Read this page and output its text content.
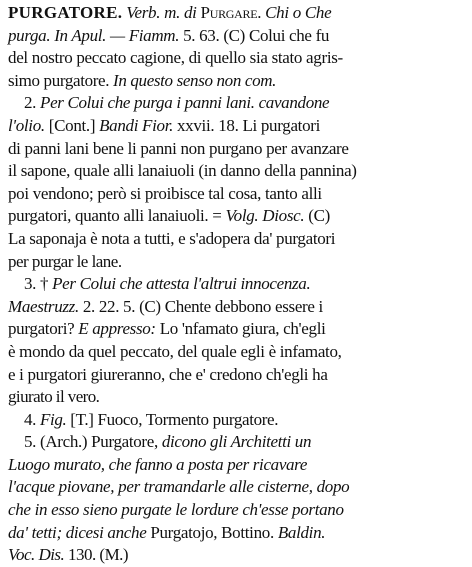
PURGATORE. Verb. m. di Purgare. Chi o Che
purga. In Apul. — Fiamm. 5. 63. (C) Colui che fu
del nostro peccato cagione, di quello sia stato agris-
simo purgatore. In questo senso non com.
2. Per Colui che purga i panni lani. cavandone
l'olio. [Cont.] Bandi Fior. xxvii. 18. Li purgatori
di panni lani bene li panni non purgano per avanzare
il sapone, quale alli lanaiuoli (in danno della pannina)
poi vendono; però si proibisce tal cosa, tanto alli
purgatori, quanto alli lanaiuoli. = Volg. Diosc. (C)
La saponaja è nota a tutti, e s'adopera da' purgatori
per purgar le lane.
3. † Per Colui che attesta l'altrui innocenza.
Maestruzz. 2. 22. 5. (C) Chente debbono essere i
purgatori? E appresso: Lo 'nfamato giura, ch'egli
è mondo da quel peccato, del quale egli è infamato,
e i purgatori giureranno, che e' credono ch'egli ha
giurato il vero.
4. Fig. [T.] Fuoco, Tormento purgatore.
5. (Arch.) Purgatore, dicono gli Architetti un
Luogo murato, che fanno a posta per ricavare
l'acque piovane, per tramandarle alle cisterne, dopo
che in esso sieno purgate le lordure ch'esse portano
da' tetti; dicesi anche Purgatojo, Bottino. Baldin.
Voc. Dis. 130. (M.)
